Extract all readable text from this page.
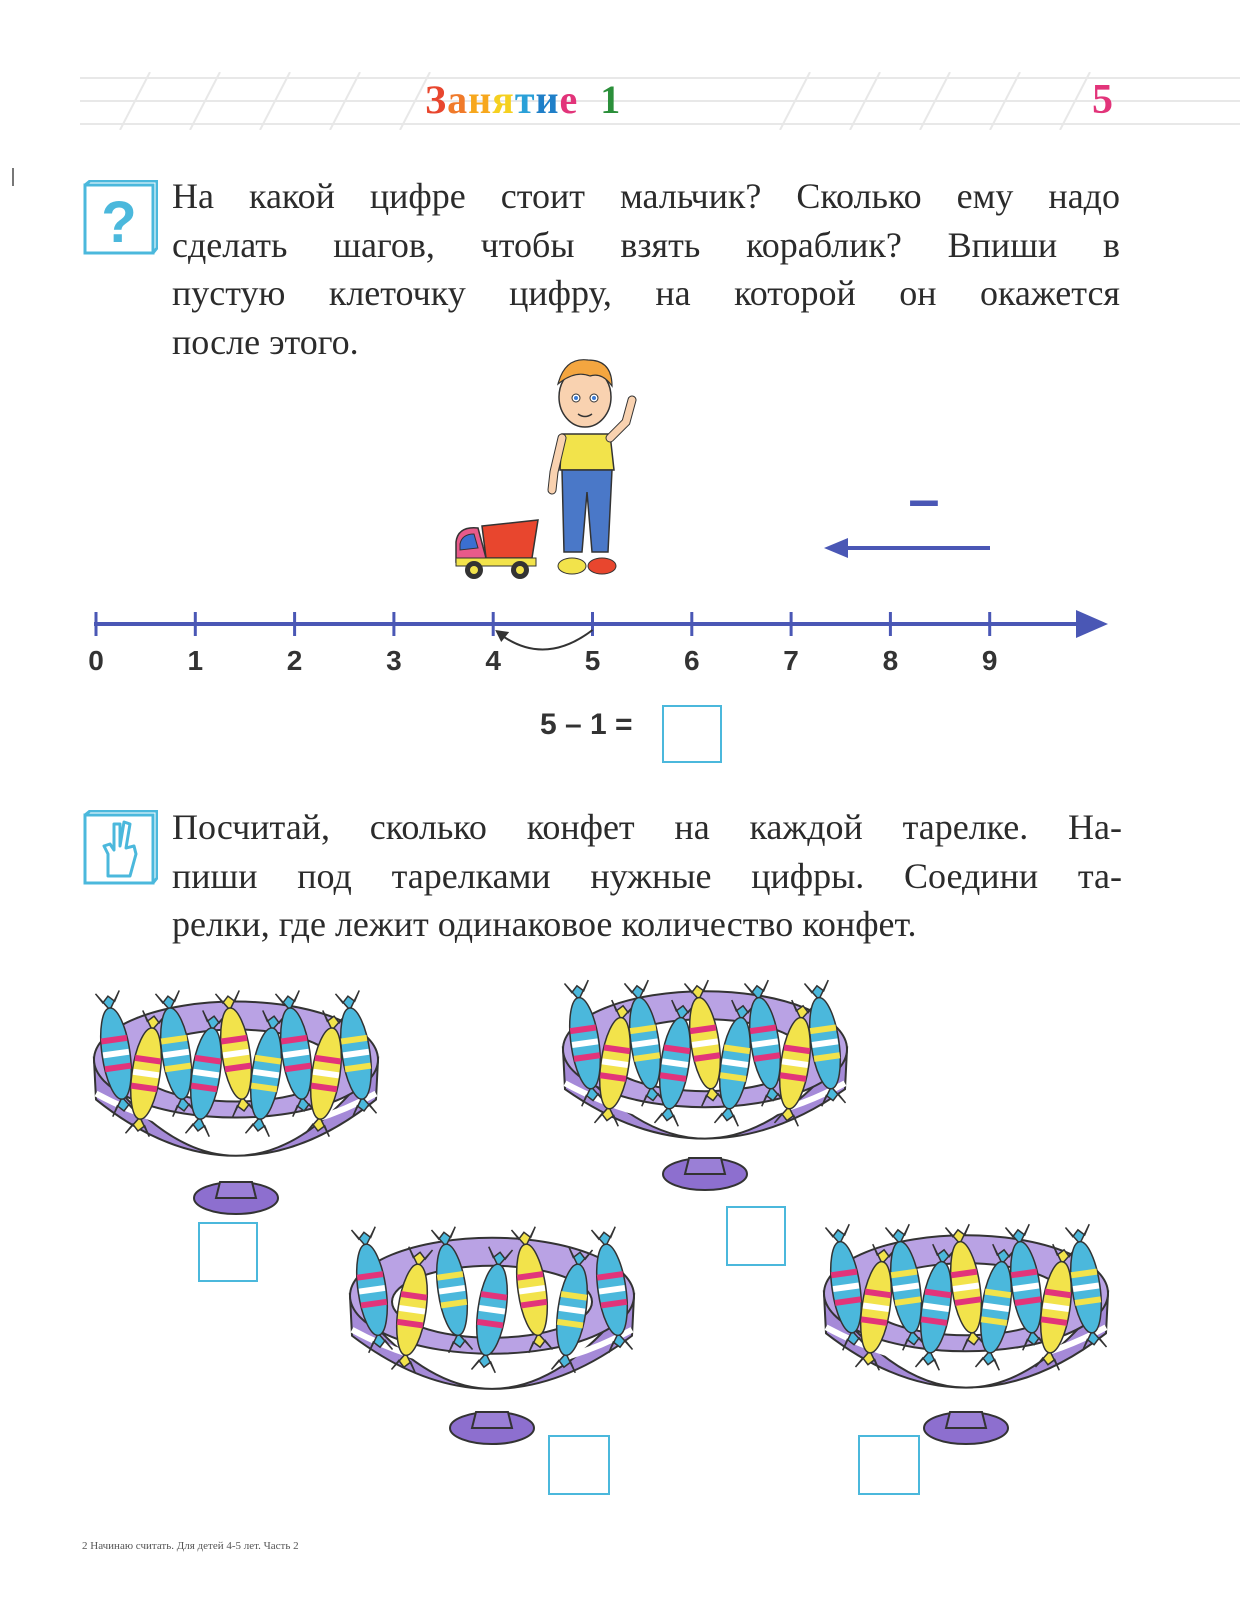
Занятие 1	5
? На какой цифре стоит мальчик? Сколько ему надо
сделать шагов, чтобы взять кораблик? Впиши в
пустую клеточку цифру, на которой он окажется
после этого.
–
0	1	2	3	4	5	6	7	8	9
5 – 1 =
Посчитай, сколько конфет на каждой тарелке. На-
пиши под тарелками нужные цифры. Соедини та-
релки, где лежит одинаковое количество конфет.
2 Начинаю считать. Для детей 4-5 лет. Часть 2
